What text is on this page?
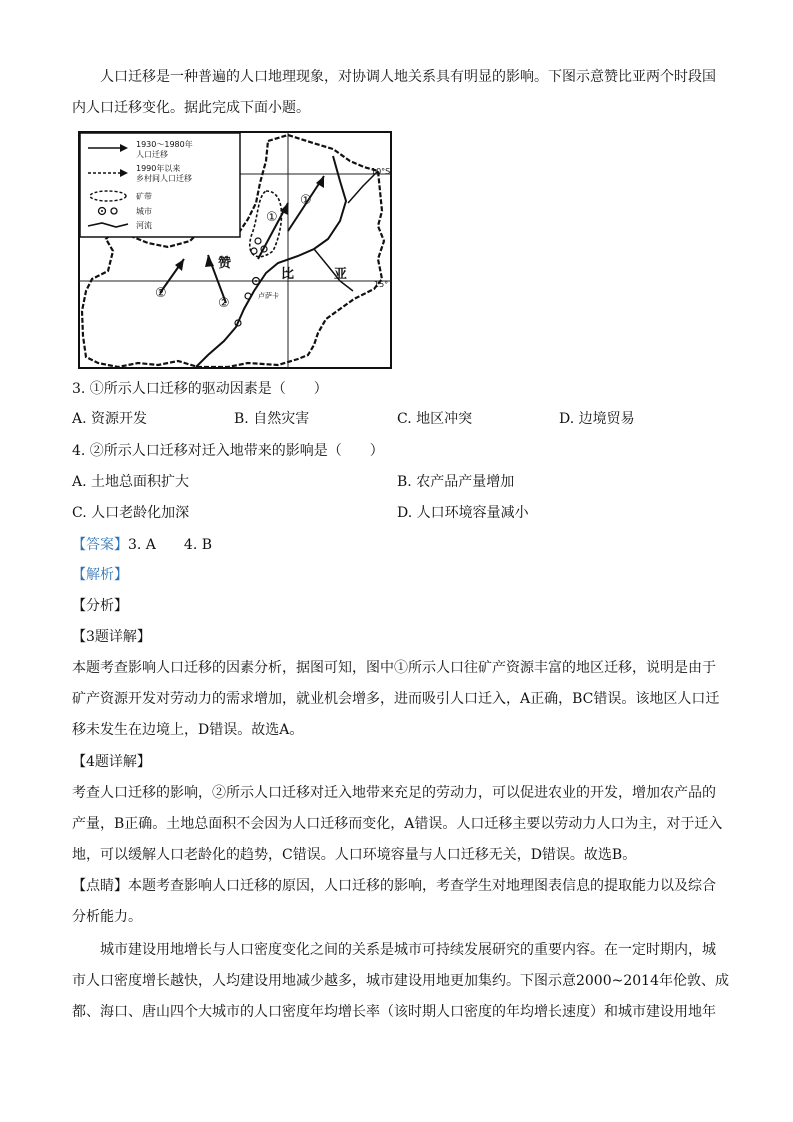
人口迁移是一种普遍的人口地理现象，对协调人地关系具有明显的影响。下图示意赞比亚两个时段国

内人口迁移变化。据此完成下面小题。

1930～1980年
人口迁移
1990年以来
乡村间人口迁移
矿带
城市
河流
①
①
②
②
赞
比	亚
卢萨卡
10°S
15°
3. ①所示人口迁移的驱动因素是（　　）
A. 资源开发	B. 自然灾害	C. 地区冲突	D. 边境贸易
4. ②所示人口迁移对迁入地带来的影响是（　　）
A. 土地总面积扩大	B. 农产品产量增加
C. 人口老龄化加深	D. 人口环境容量减小
【答案】3. A　　4. B
【解析】
【分析】
【3题详解】

本题考查影响人口迁移的因素分析，据图可知，图中①所示人口往矿产资源丰富的地区迁移，说明是由于

矿产资源开发对劳动力的需求增加，就业机会增多，进而吸引人口迁入，A正确，BC错误。该地区人口迁

移未发生在边境上，D错误。故选A。

【4题详解】

考查人口迁移的影响，②所示人口迁移对迁入地带来充足的劳动力，可以促进农业的开发，增加农产品的

产量，B正确。土地总面积不会因为人口迁移而变化，A错误。人口迁移主要以劳动力人口为主，对于迁入

地，可以缓解人口老龄化的趋势，C错误。人口环境容量与人口迁移无关，D错误。故选B。

【点睛】本题考查影响人口迁移的原因，人口迁移的影响，考查学生对地理图表信息的提取能力以及综合

分析能力。

城市建设用地增长与人口密度变化之间的关系是城市可持续发展研究的重要内容。在一定时期内，城

市人口密度增长越快，人均建设用地减少越多，城市建设用地更加集约。下图示意2000~2014年伦敦、成

都、海口、唐山四个大城市的人口密度年均增长率（该时期人口密度的年均增长速度）和城市建设用地年
